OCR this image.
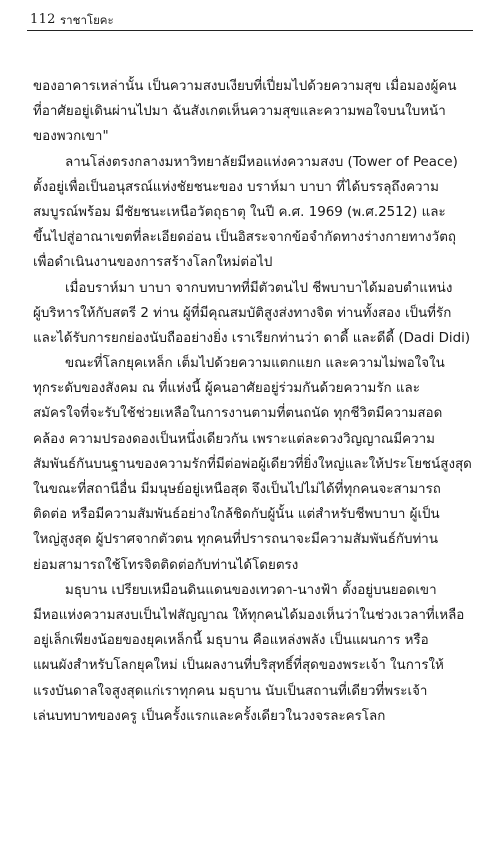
112 ราชาโยคะ
ของอาคารเหล่านั้น เป็นความสงบเงียบที่เปี่ยมไปด้วยความสุข เมื่อมองผู้คน
ที่อาศัยอยู่เดินผ่านไปมา ฉันสังเกตเห็นความสุขและความพอใจบนใบหน้า
ของพวกเขา"
ลานโล่งตรงกลางมหาวิทยาลัยมีหอแห่งความสงบ (Tower of Peace)
ตั้งอยู่เพื่อเป็นอนุสรณ์แห่งชัยชนะของ บราห์มา บาบา ที่ได้บรรลุถึงความ
สมบูรณ์พร้อม มีชัยชนะเหนือวัตถุธาตุ ในปี ค.ศ. 1969 (พ.ศ.2512) และ
ขึ้นไปสู่อาณาเขตที่ละเอียดอ่อน เป็นอิสระจากข้อจำกัดทางร่างกายทางวัตถุ
เพื่อดำเนินงานของการสร้างโลกใหม่ต่อไป
เมื่อบราห์มา บาบา จากบทบาทที่มีตัวตนไป ชีพบาบาได้มอบตำแหน่ง
ผู้บริหารให้กับสตรี 2 ท่าน ผู้ที่มีคุณสมบัติสูงส่งทางจิต ท่านทั้งสอง เป็นที่รัก
และได้รับการยกย่องนับถืออย่างยิ่ง เราเรียกท่านว่า ดาดี้ และดีดี้ (Dadi Didi)
ขณะที่โลกยุคเหล็ก เต็มไปด้วยความแตกแยก และความไม่พอใจใน
ทุกระดับของสังคม ณ ที่แห่งนี้ ผู้คนอาศัยอยู่ร่วมกันด้วยความรัก และ
สมัครใจที่จะรับใช้ช่วยเหลือในการงานตามที่ตนถนัด ทุกชีวิตมีความสอด
คล้อง ความปรองดองเป็นหนึ่งเดียวกัน เพราะแต่ละดวงวิญญาณมีความ
สัมพันธ์กันบนฐานของความรักที่มีต่อพ่อผู้เดียวที่ยิ่งใหญ่และให้ประโยชน์สูงสุด
ในขณะที่สถานีอื่น มีมนุษย์อยู่เหนือสุด จึงเป็นไปไม่ได้ที่ทุกคนจะสามารถ
ติดต่อ หรือมีความสัมพันธ์อย่างใกล้ชิดกับผู้นั้น แต่สำหรับชีพบาบา ผู้เป็น
ใหญ่สูงสุด ผู้ปราศจากตัวตน ทุกคนที่ปรารถนาจะมีความสัมพันธ์กับท่าน
ย่อมสามารถใช้โทรจิตติดต่อกับท่านได้โดยตรง
มธุบาน เปรียบเหมือนดินแดนของเทวดา-นางฟ้า ตั้งอยู่บนยอดเขา
มีหอแห่งความสงบเป็นไฟสัญญาณ ให้ทุกคนได้มองเห็นว่าในช่วงเวลาที่เหลือ
อยู่เล็กเพียงน้อยของยุคเหล็กนี้ มธุบาน คือแหล่งพลัง เป็นแผนการ หรือ
แผนผังสำหรับโลกยุคใหม่ เป็นผลงานที่บริสุทธิ์ที่สุดของพระเจ้า ในการให้
แรงบันดาลใจสูงสุดแก่เราทุกคน มธุบาน นับเป็นสถานที่เดียวที่พระเจ้า
เล่นบทบาทของครู เป็นครั้งแรกและครั้งเดียวในวงจรละครโลก
